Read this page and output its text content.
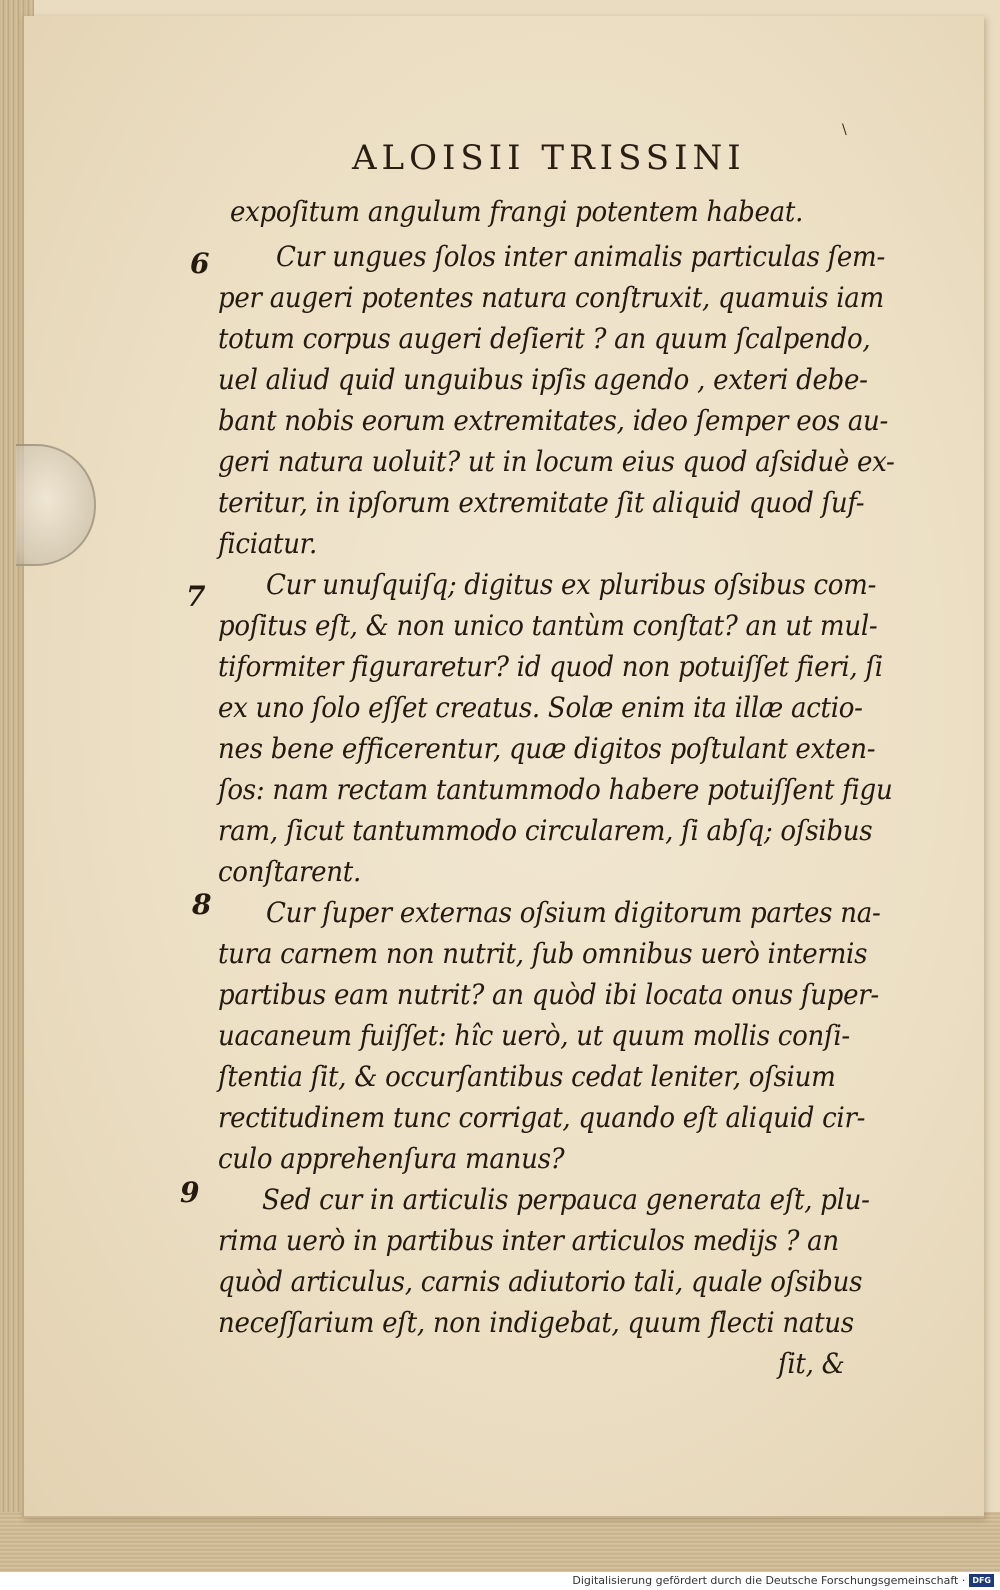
ALOISII TRISSINI
\
6
7
8
9
expoſitum angulum frangi potentem habeat.
Cur ungues ſolos inter animalis particulas ſem-
per augeri potentes natura conſtruxit, quamuis iam
totum corpus augeri deſierit ? an quum ſcalpendo,
uel aliud quid unguibus ipſis agendo , exteri debe-
bant nobis eorum extremitates, ideo ſemper eos au-
geri natura uoluit? ut in locum eius quod aſsiduè ex-
teritur, in ipſorum extremitate ſit aliquid quod ſuf-
ficiatur.
Cur unuſquiſq; digitus ex pluribus oſsibus com-
poſitus eſt, & non unico tantùm conſtat? an ut mul-
tiformiter figuraretur? id quod non potuiſſet fieri, ſi
ex uno ſolo eſſet creatus. Solæ enim ita illæ actio-
nes bene efficerentur, quæ digitos poſtulant exten-
ſos: nam rectam tantummodo habere potuiſſent figu
ram, ſicut tantummodo circularem, ſi abſq; oſsibus
conſtarent.
Cur ſuper externas oſsium digitorum partes na-
tura carnem non nutrit, ſub omnibus uerò internis
partibus eam nutrit? an quòd ibi locata onus ſuper-
uacaneum fuiſſet: hîc uerò, ut quum mollis conſi-
ſtentia ſit, & occurſantibus cedat leniter, oſsium
rectitudinem tunc corrigat, quando eſt aliquid cir-
culo apprehenſura manus?
Sed cur in articulis perpauca generata eſt, plu-
rima uerò in partibus inter articulos medijs ? an
quòd articulus, carnis adiutorio tali, quale oſsibus
neceſſarium eſt, non indigebat, quum flecti natus
ſit, &
Digitalisierung gefördert durch die Deutsche Forschungsgemeinschaft · DFG
